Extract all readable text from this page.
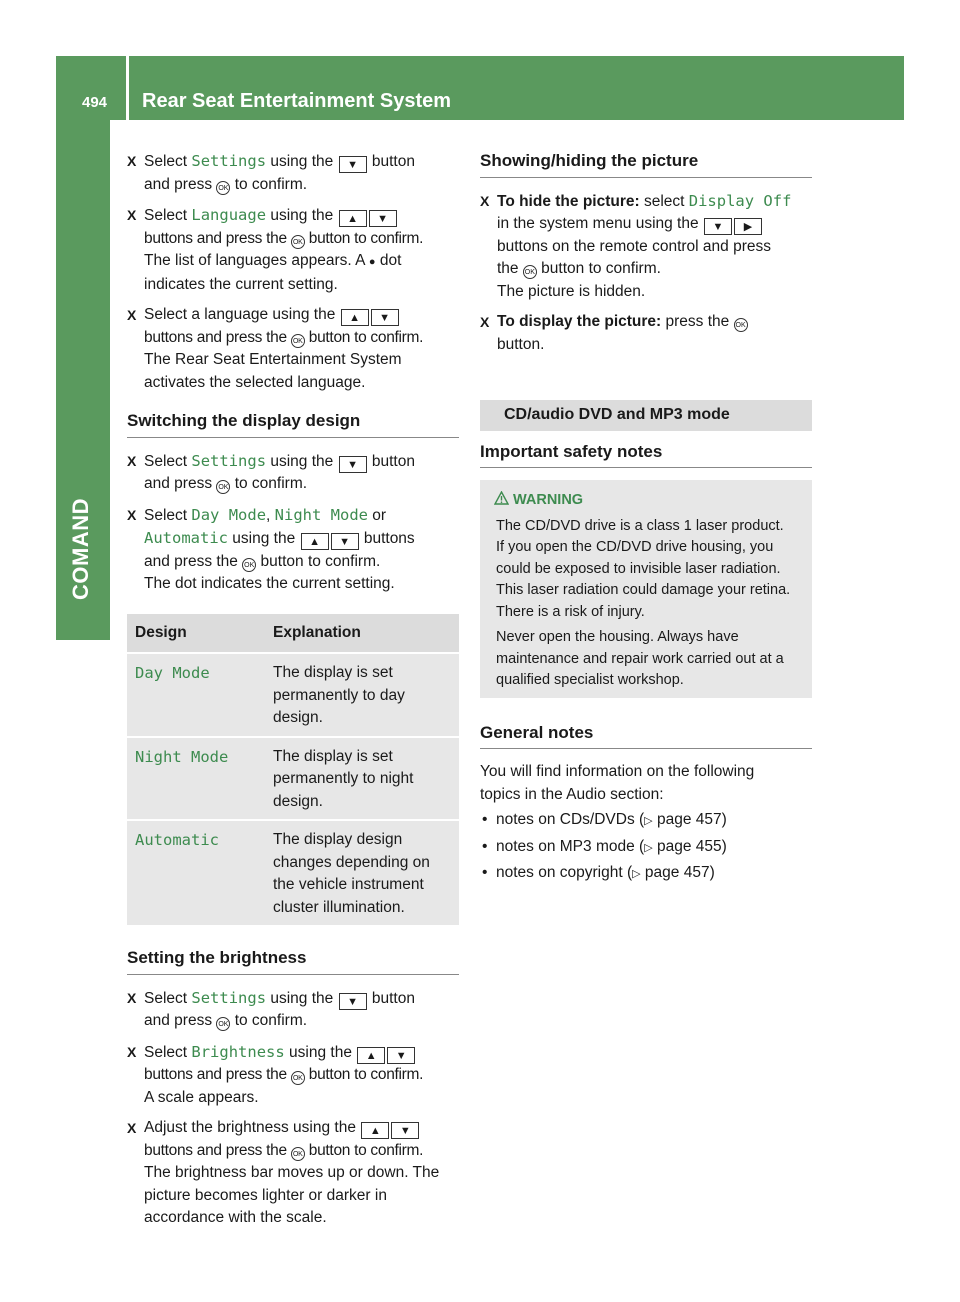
494 Rear Seat Entertainment System
COMAND
X Select Settings using the ▼ button
and press OK to confirm.
X Select Language using the ▲ ▼
buttons and press the OK button to confirm.
The list of languages appears. A ● dot
indicates the current setting.
X Select a language using the ▲ ▼
buttons and press the OK button to confirm.
The Rear Seat Entertainment System
activates the selected language.
Switching the display design
X Select Settings using the ▼ button
and press OK to confirm.
X Select Day Mode, Night Mode or
Automatic using the ▲ ▼ buttons
and press the OK button to confirm.
The dot indicates the current setting.
Design	Explanation
Day Mode	The display is set
permanently to day
design.

Night Mode	The display is set
permanently to night
design.

Automatic	The display design
changes depending on
the vehicle instrument
cluster illumination.
Setting the brightness
X Select Settings using the ▼ button
and press OK to confirm.
X Select Brightness using the ▲ ▼
buttons and press the OK button to confirm.
A scale appears.
X Adjust the brightness using the ▲ ▼
buttons and press the OK button to confirm.
The brightness bar moves up or down. The
picture becomes lighter or darker in
accordance with the scale.
Showing/hiding the picture
X To hide the picture: select Display Off
in the system menu using the ▼ ▶
buttons on the remote control and press
the OK button to confirm.
The picture is hidden.
X To display the picture: press the OK
button.
CD/audio DVD and MP3 mode
Important safety notes
WARNING

The CD/DVD drive is a class 1 laser product.
If you open the CD/DVD drive housing, you
could be exposed to invisible laser radiation.
This laser radiation could damage your retina.
There is a risk of injury.

Never open the housing. Always have
maintenance and repair work carried out at a
qualified specialist workshop.

General notes

You will find information on the following
topics in the Audio section:

• notes on CDs/DVDs (▷ page 457)
• notes on MP3 mode (▷ page 455)
• notes on copyright (▷ page 457)
